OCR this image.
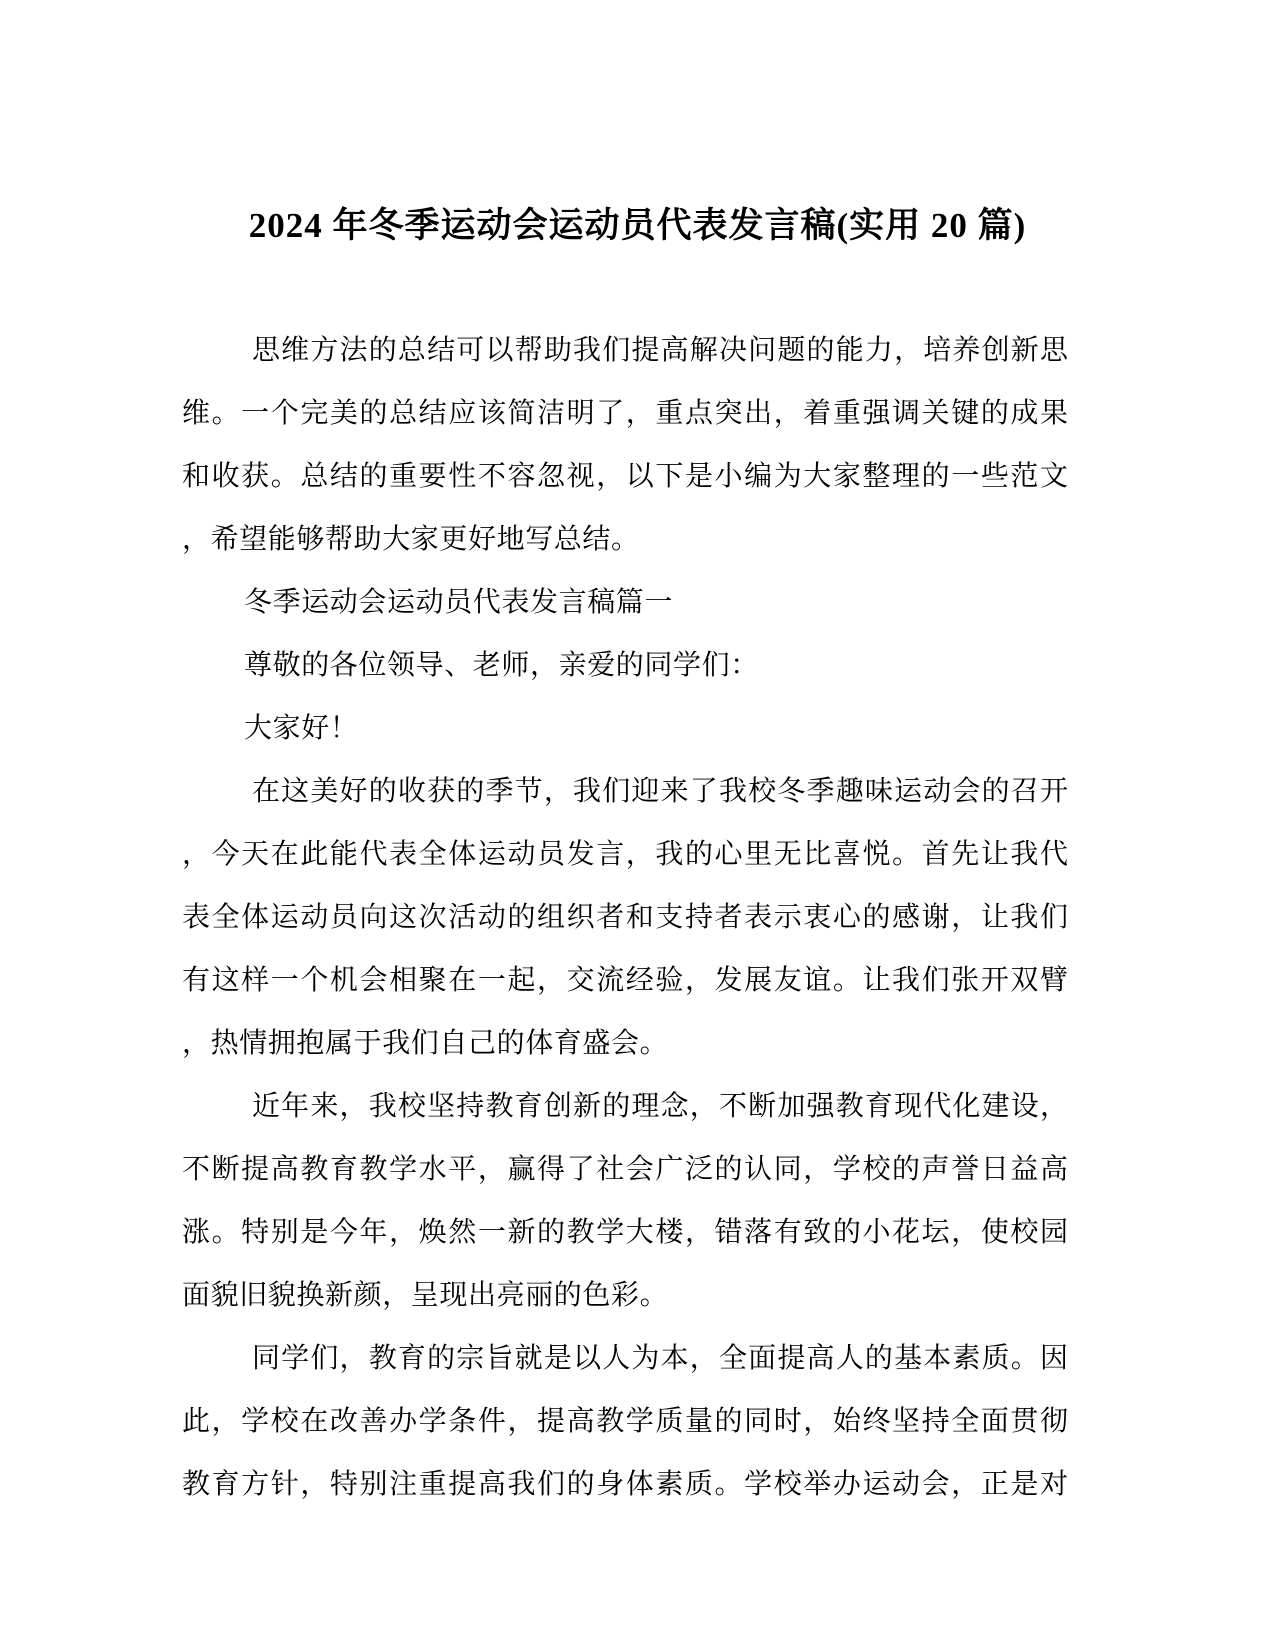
2024 年冬季运动会运动员代表发言稿(实用 20 篇)
思维方法的总结可以帮助我们提高解决问题的能力，培养创新思
维。一个完美的总结应该简洁明了，重点突出，着重强调关键的成果
和收获。总结的重要性不容忽视，以下是小编为大家整理的一些范文
，希望能够帮助大家更好地写总结。
冬季运动会运动员代表发言稿篇一
尊敬的各位领导、老师，亲爱的同学们：
大家好！
在这美好的收获的季节，我们迎来了我校冬季趣味运动会的召开
，今天在此能代表全体运动员发言，我的心里无比喜悦。首先让我代
表全体运动员向这次活动的组织者和支持者表示衷心的感谢，让我们
有这样一个机会相聚在一起，交流经验，发展友谊。让我们张开双臂
，热情拥抱属于我们自己的体育盛会。
近年来，我校坚持教育创新的理念，不断加强教育现代化建设，
不断提高教育教学水平，赢得了社会广泛的认同，学校的声誉日益高
涨。特别是今年，焕然一新的教学大楼，错落有致的小花坛，使校园
面貌旧貌换新颜，呈现出亮丽的色彩。
同学们，教育的宗旨就是以人为本，全面提高人的基本素质。因
此，学校在改善办学条件，提高教学质量的同时，始终坚持全面贯彻
教育方针，特别注重提高我们的身体素质。学校举办运动会，正是对
